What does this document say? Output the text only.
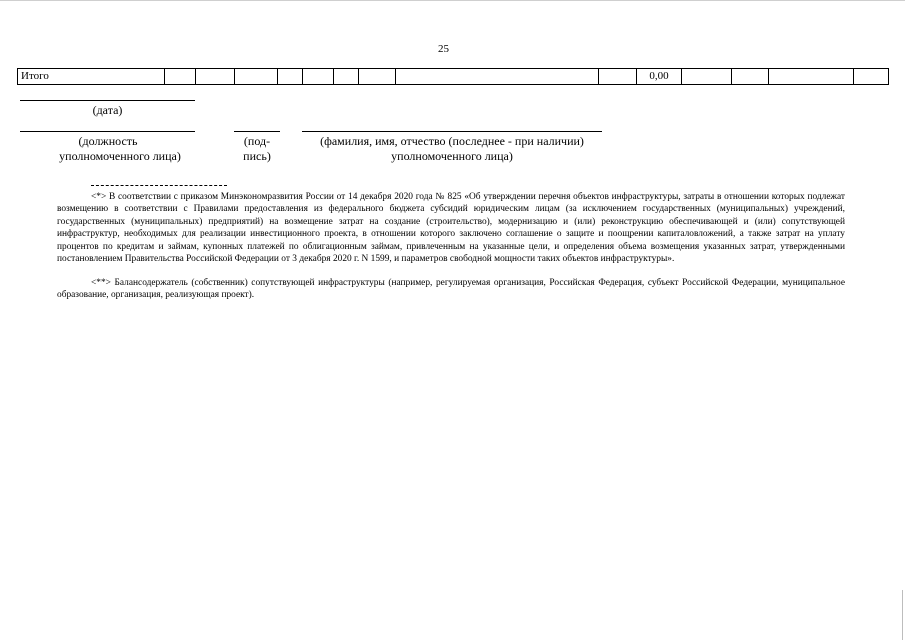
25
Итого										0,00				
(дата)
(должность
уполномоченного лица)
(под-
пись)
(фамилия, имя, отчество (последнее - при наличии)
уполномоченного лица)
<*> В соответствии с приказом Минэкономразвития России от 14 декабря 2020 года № 825 «Об утверждении перечня объектов инфраструктуры, затраты в отношении которых подлежат возмещению в соответствии с Правилами предоставления из федерального бюджета субсидий юридическим лицам (за исключением государственных (муниципальных) учреждений, государственных (муниципальных) предприятий) на возмещение затрат на создание (строительство), модернизацию и (или) реконструкцию обеспечивающей и (или) сопутствующей инфраструктур, необходимых для реализации инвестиционного проекта, в отношении которого заключено соглашение о защите и поощрении капиталовложений, а также затрат на уплату процентов по кредитам и займам, купонных платежей по облигационным займам, привлеченным на указанные цели, и определения объема возмещения указанных затрат, утвержденными постановлением Правительства Российской Федерации от 3 декабря 2020 г. N 1599, и параметров свободной мощности таких объектов инфраструктуры».
<**> Балансодержатель (собственник) сопутствующей инфраструктуры (например, регулируемая организация, Российская Федерация, субъект Российской Федерации, муниципальное образование, организация, реализующая проект).
